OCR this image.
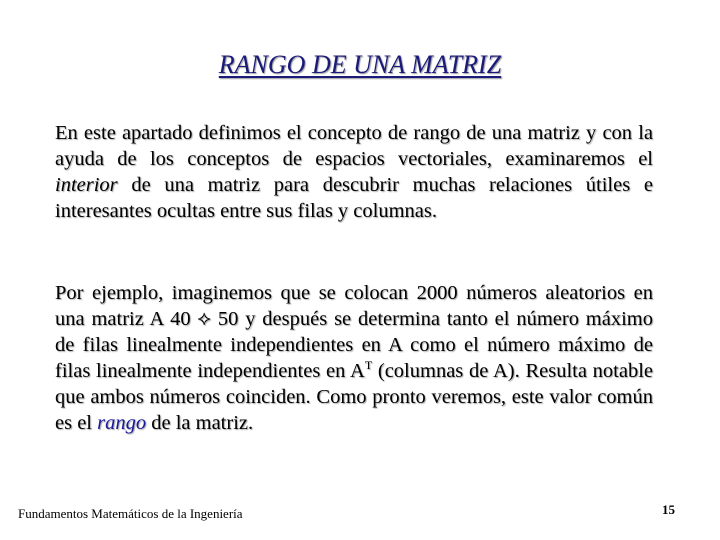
RANGO DE UNA MATRIZ
En este apartado definimos el concepto de rango de una matriz y con la ayuda de los conceptos de espacios vectoriales, examinaremos el interior de una matriz para descubrir muchas relaciones útiles e interesantes ocultas entre sus filas y columnas.
Por ejemplo, imaginemos que se colocan 2000 números aleatorios en una matriz A 40 ⟡ 50 y después se determina tanto el número máximo de filas linealmente independientes en A como el número máximo de filas linealmente independientes en $A^T$ (columnas de A). Resulta notable que ambos números coinciden. Como pronto veremos, este valor común es el rango de la matriz.
Fundamentos Matemáticos de la Ingeniería	15
